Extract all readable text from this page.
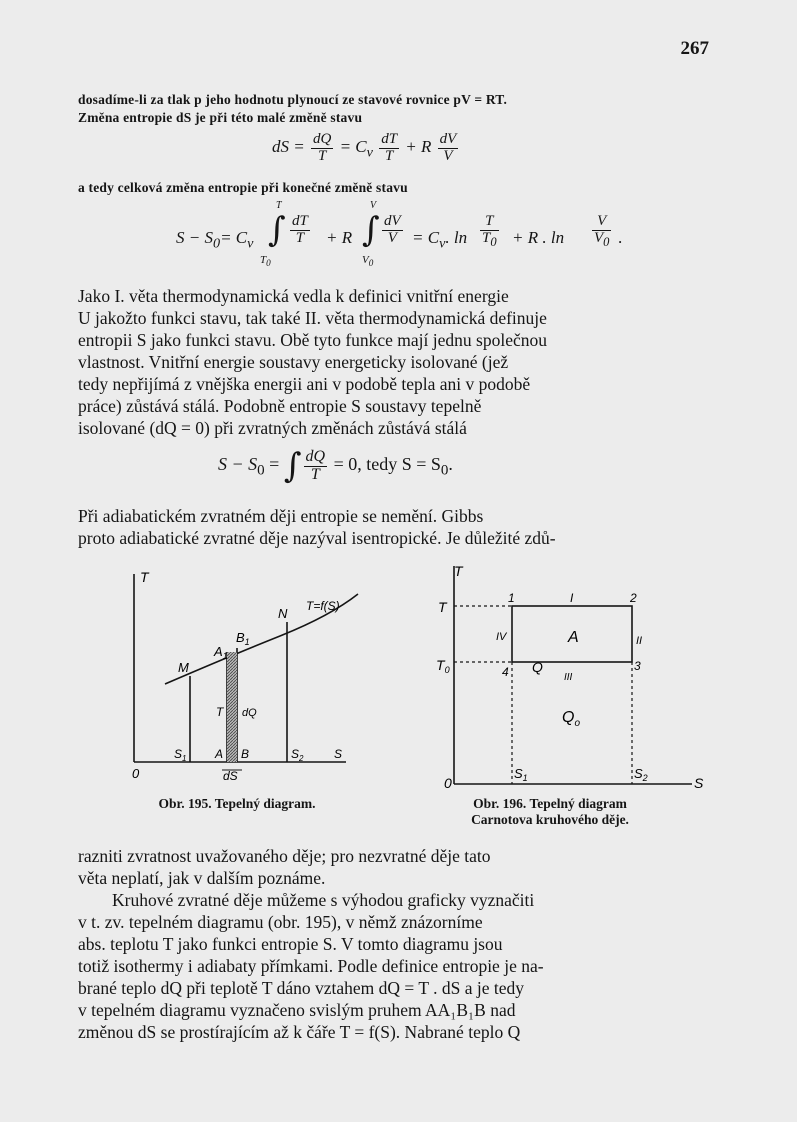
267
dosadíme-li za tlak p jeho hodnotu plynoucí ze stavové rovnice pV = RT.
Změna entropie dS je při této malé změně stavu
dS = $\frac{dQ}{T} = C_v \frac{dT}{T} + R \frac{dV}{V}$
a tedy celková změna entropie při konečné změně stavu
$S - S_0= C_v$
T
∫
$T_0$
$\frac{dT}{T} + R$
V
∫
$V_0$
$\frac{dV}{V} = C_v$. $\ln \frac{T}{T_0} + R$ . $\ln \frac{V}{V_0}$ .
Jako I. věta thermodynamická vedla k definici vnitřní energie
U jakožto funkci stavu, tak také II. věta thermodynamická definuje
entropii S jako funkci stavu. Obě tyto funkce mají jednu společnou
vlastnost. Vnitřní energie soustavy energeticky isolované (jež
tedy nepřijímá z vnějška energii ani v podobě tepla ani v podobě
práce) zůstává stálá. Podobně entropie S soustavy tepelně
isolované (dQ = 0) při zvratných změnách zůstává stálá
$S - S_0$ = ∫ $\frac{dQ}{T} = 0$, tedy $S = S_0$.
Při adiabatickém zvratném ději entropie se nemění. Gibbs
proto adiabatické zvratné děje nazýval isentropické. Je důležité zdů-
T
T=f(S)
N
$B_1$
$A_1$
M
T dQ
0
$S_1$ A B	$S_2$	S
dS
Obr. 195. Tepelný diagram.
T
T
$T_0$
1	I	2
IV	A	II
4 Q
III
3
$Q_o$
0
$S_1$	$S_2$	S
Obr. 196. Tepelný diagram
Carnotova kruhového děje.
razniti zvratnost uvažovaného děje; pro nezvratné děje tato
věta neplatí, jak v dalším poznáme.
Kruhové zvratné děje můžeme s výhodou graficky vyznačiti
v t. zv. tepelném diagramu (obr. 195), v němž znázorníme
abs. teplotu T jako funkci entropie S. V tomto diagramu jsou
totiž isothermy i adiabaty přímkami. Podle definice entropie je na-
brané teplo dQ při teplotě T dáno vztahem dQ = T . dS a je tedy
v tepelném diagramu vyznačeno svislým pruhem AA₁B₁B nad
změnou dS se prostírajícím až k čáře T = f(S). Nabrané teplo Q
